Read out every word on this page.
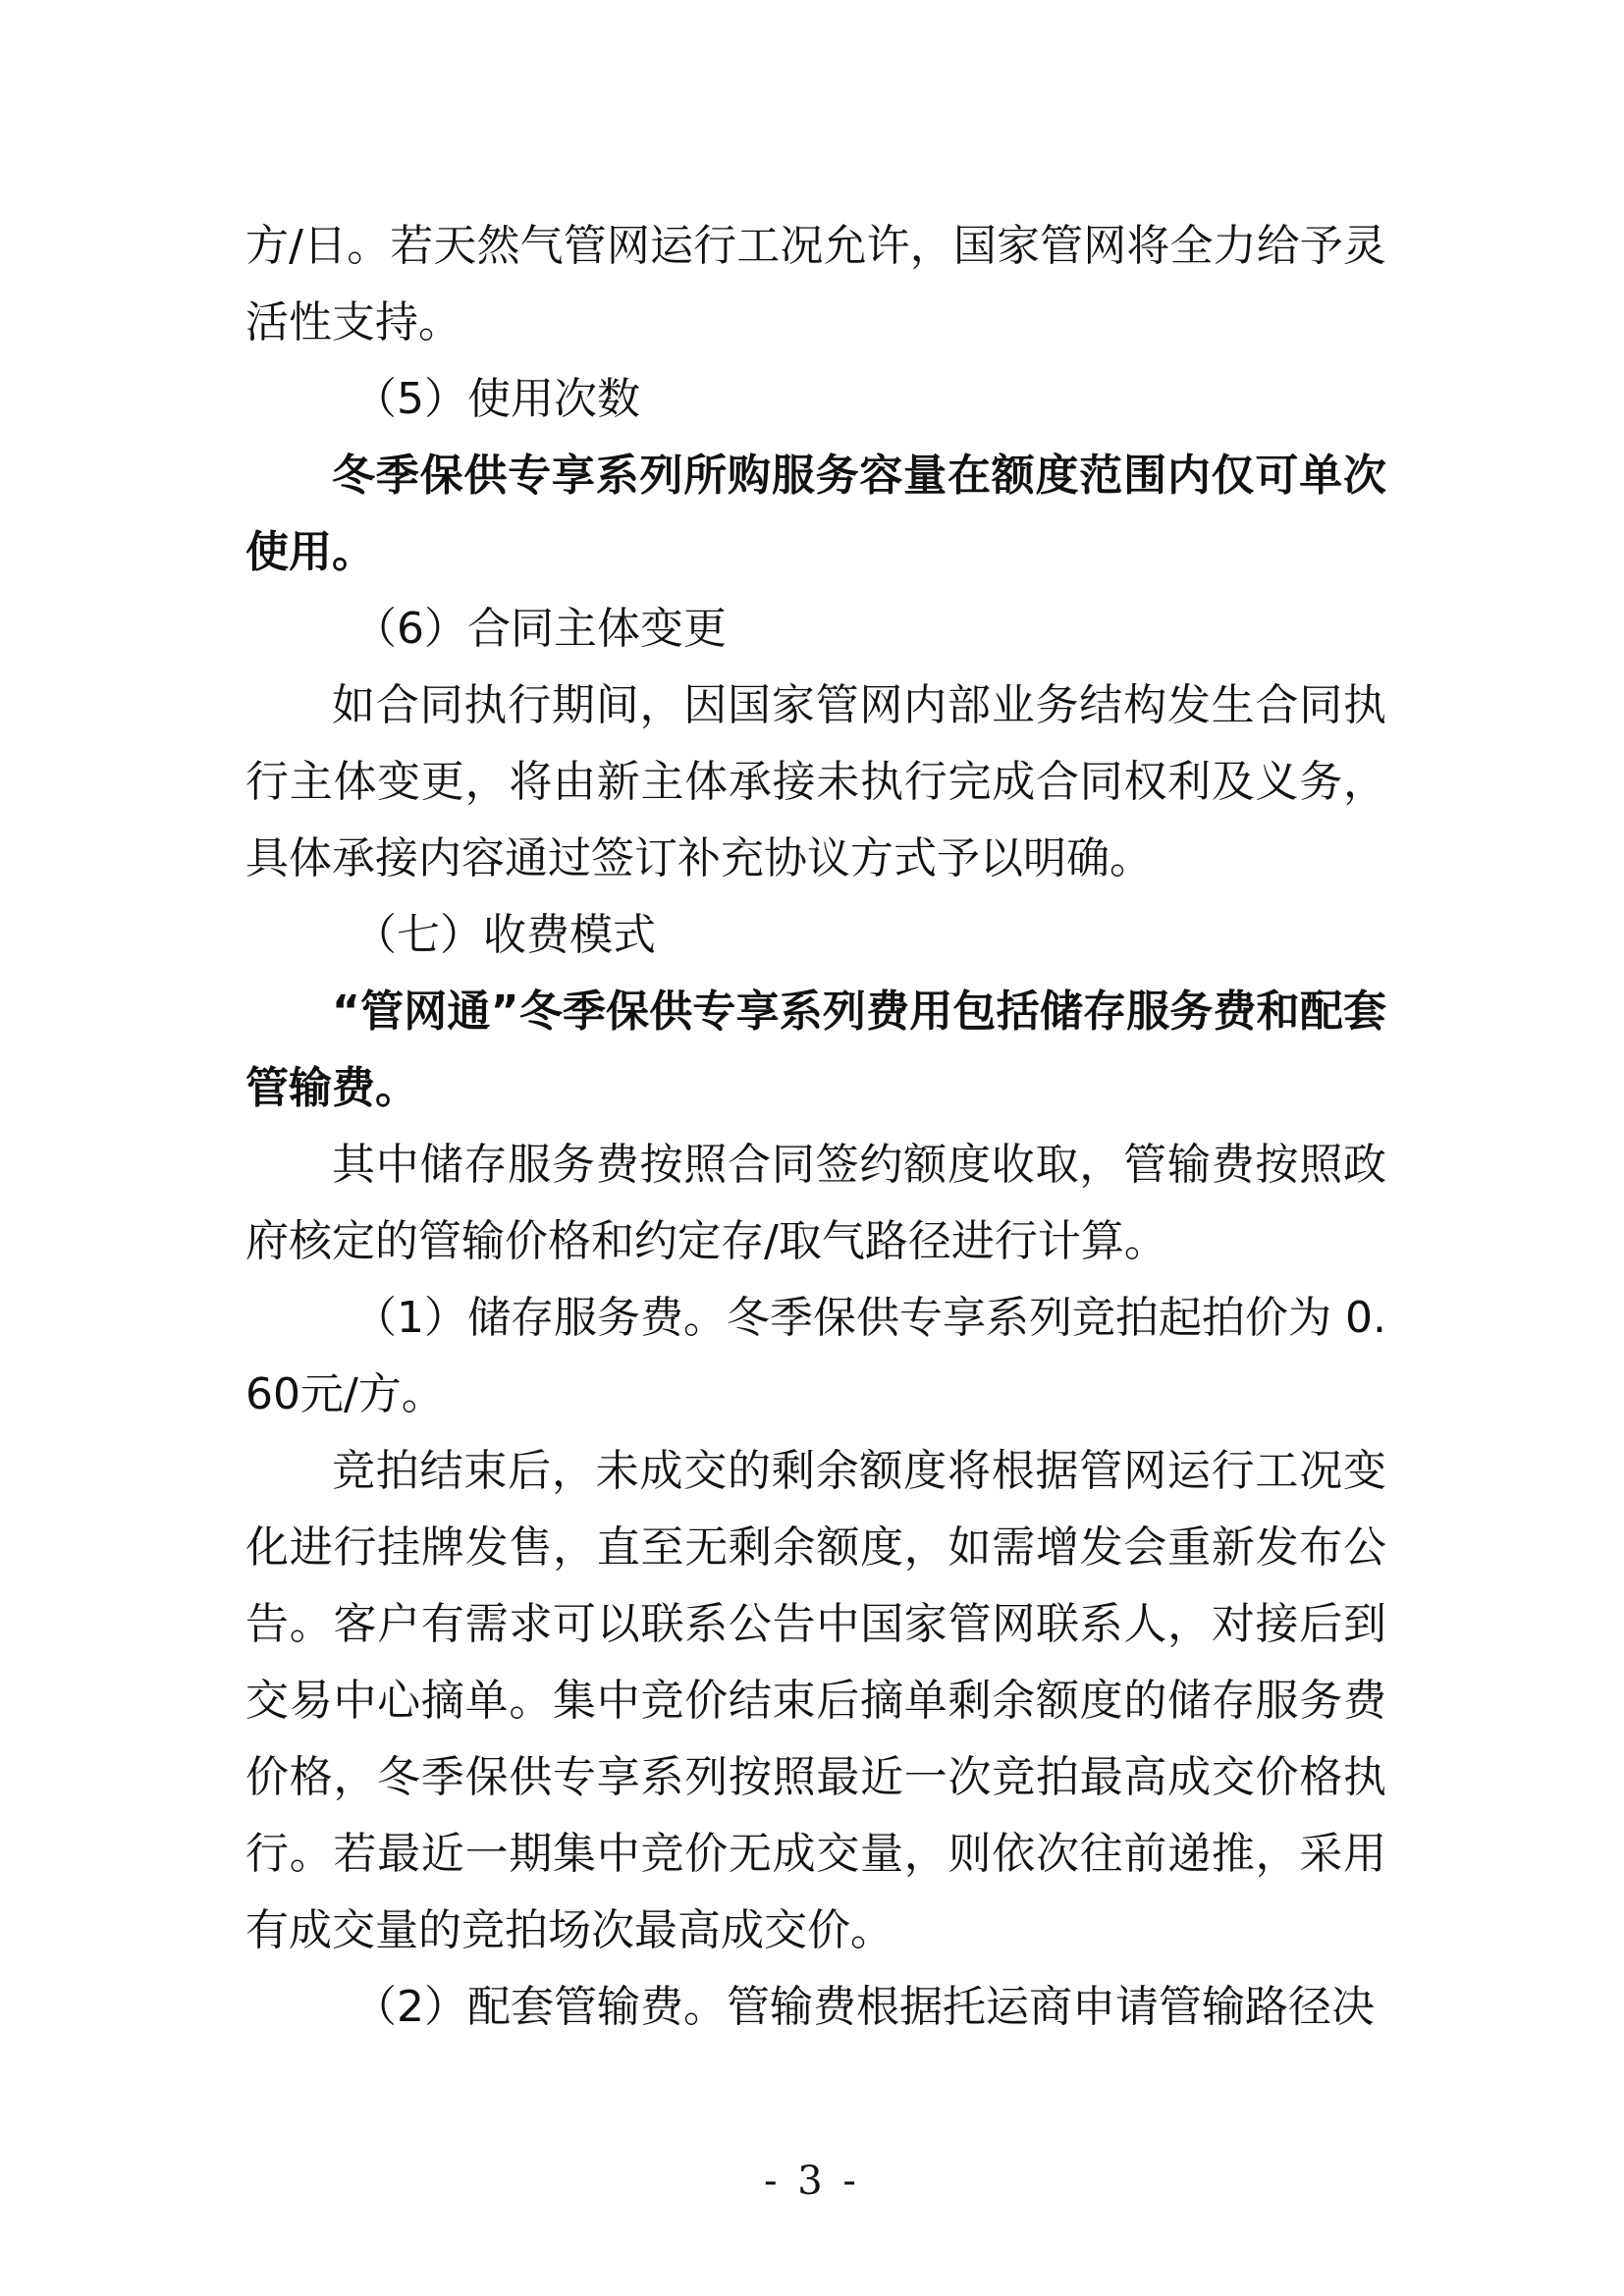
方/日。若天然气管网运行工况允许，国家管网将全力给予灵活性支持。

（5）使用次数

冬季保供专享系列所购服务容量在额度范围内仅可单次使用。

（6）合同主体变更

如合同执行期间，因国家管网内部业务结构发生合同执行主体变更，将由新主体承接未执行完成合同权利及义务，具体承接内容通过签订补充协议方式予以明确。

（七）收费模式

“管网通”冬季保供专享系列费用包括储存服务费和配套管输费。

其中储存服务费按照合同签约额度收取，管输费按照政府核定的管输价格和约定存/取气路径进行计算。

（1）储存服务费。冬季保供专享系列竞拍起拍价为 0.60元/方。

竞拍结束后，未成交的剩余额度将根据管网运行工况变化进行挂牌发售，直至无剩余额度，如需增发会重新发布公告。客户有需求可以联系公告中国家管网联系人，对接后到交易中心摘单。集中竞价结束后摘单剩余额度的储存服务费价格，冬季保供专享系列按照最近一次竞拍最高成交价格执行。若最近一期集中竞价无成交量，则依次往前递推，采用有成交量的竞拍场次最高成交价。

（2）配套管输费。管输费根据托运商申请管输路径决

- 3 -
